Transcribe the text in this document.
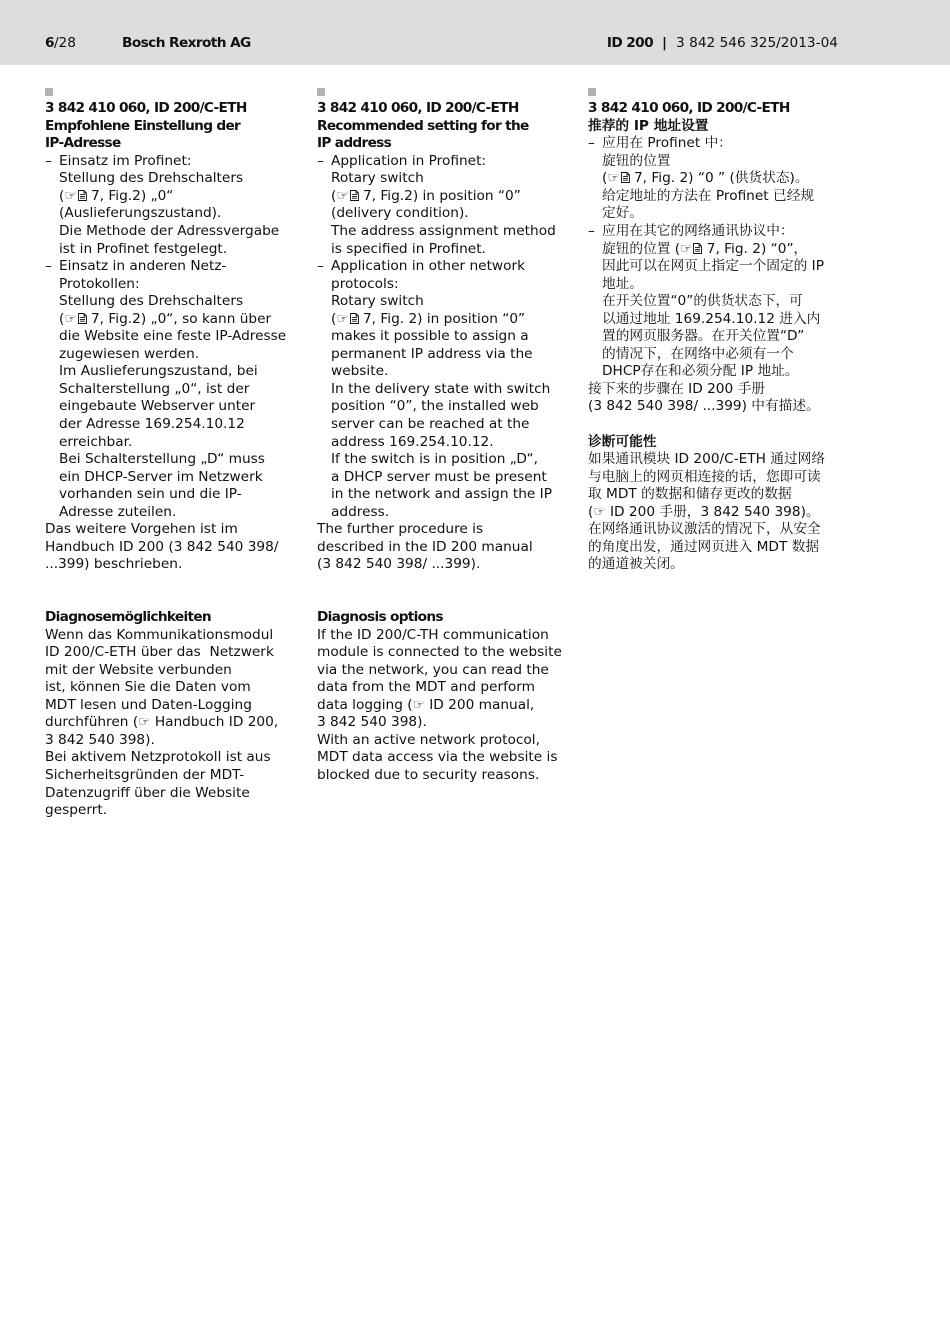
6/28	Bosch Rexroth AG	ID 200 | 3 842 546 325/2013-04
3 842 410 060, ID 200/C-ETH
Empfohlene Einstellung der
IP-Adresse
– Einsatz im Profinet:
Stellung des Drehschalters
(☞  7, Fig.2) „0“
(Auslieferungszustand).
Die Methode der Adressvergabe
ist in Profinet festgelegt.
– Einsatz in anderen Netz-
Protokollen:
Stellung des Drehschalters
(☞  7, Fig.2) „0“, so kann über
die Website eine feste IP-Adresse
zugewiesen werden.
Im Auslieferungszustand, bei
Schalterstellung „0“, ist der
eingebaute Webserver unter
der Adresse 169.254.10.12
erreichbar.
Bei Schalterstellung „D“ muss
ein DHCP-Server im Netzwerk
vorhanden sein und die IP-
Adresse zuteilen.
Das weitere Vorgehen ist im
Handbuch ID 200 (3 842 540 398/
...399) beschrieben.
Diagnosemöglichkeiten
Wenn das Kommunikationsmodul
ID 200/C-ETH über das  Netzwerk
mit der Website verbunden
ist, können Sie die Daten vom
MDT lesen und Daten-Logging
durchführen (☞  Handbuch ID 200,
3 842 540 398).
Bei aktivem Netzprotokoll ist aus
Sicherheitsgründen der MDT-
Datenzugriff über die Website
gesperrt.
3 842 410 060, ID 200/C-ETH
Recommended setting for the
IP address
– Application in Profinet:
Rotary switch
(☞  7, Fig.2) in position “0”
(delivery condition).
The address assignment method
is specified in Profinet.
– Application in other network
protocols:
Rotary switch
(☞  7, Fig. 2) in position “0”
makes it possible to assign a
permanent IP address via the
website.
In the delivery state with switch
position “0”, the installed web
server can be reached at the
address 169.254.10.12.
If the switch is in position „D“,
a DHCP server must be present
in the network and assign the IP
address.
The further procedure is
described in the ID 200 manual
(3 842 540 398/ ...399).
Diagnosis options
If the ID 200/C-TH communication
module is connected to the website
via the network, you can read the
data from the MDT and perform
data logging (☞  ID 200 manual,
3 842 540 398).
With an active network protocol,
MDT data access via the website is
blocked due to security reasons.
3 842 410 060, ID 200/C-ETH
推荐的 IP 地址设置
– 应用在 Profinet 中：
旋钮的位置
(☞  7, Fig. 2) “0 ” (供货状态)。
给定地址的方法在 Profinet 已经规
定好。
– 应用在其它的网络通讯协议中：
旋钮的位置 (☞  7, Fig. 2) “0”，
因此可以在网页上指定一个固定的 IP
地址。
在开关位置“0”的供货状态下，可
以通过地址 169.254.10.12 进入内
置的网页服务器。在开关位置“D”
的情况下，在网络中必须有一个
DHCP存在和必须分配 IP 地址。
接下来的步骤在 ID 200 手册
(3 842 540 398/ ...399) 中有描述。
诊断可能性
如果通讯模块 ID 200/C-ETH 通过网络
与电脑上的网页相连接的话，您即可读
取 MDT 的数据和储存更改的数据
(☞  ID 200 手册，3 842 540 398)。
在网络通讯协议激活的情况下，从安全
的角度出发，通过网页进入 MDT 数据
的通道被关闭。
